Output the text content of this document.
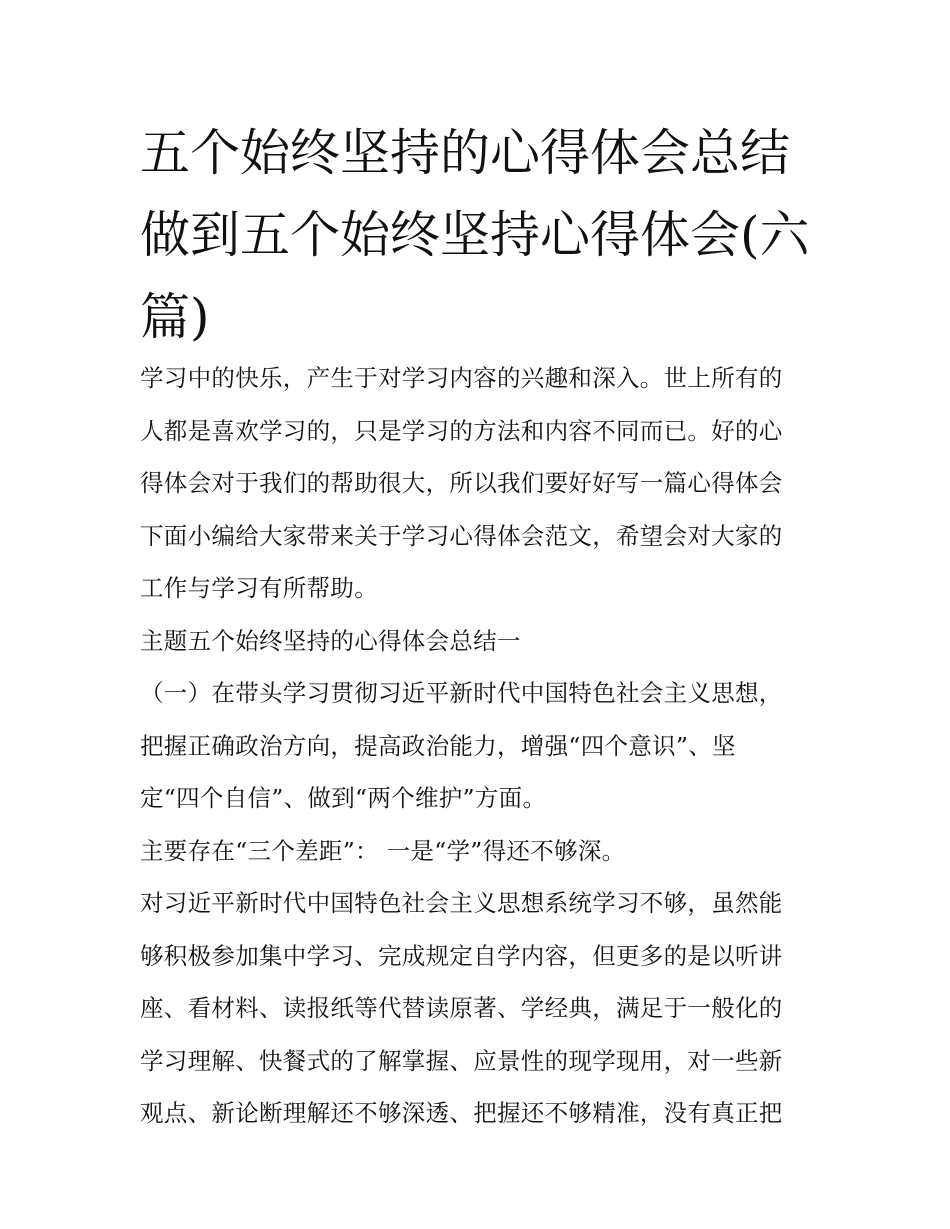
五个始终坚持的心得体会总结
做到五个始终坚持心得体会(六
篇)
学习中的快乐，产生于对学习内容的兴趣和深入。世上所有的
人都是喜欢学习的，只是学习的方法和内容不同而已。好的心
得体会对于我们的帮助很大，所以我们要好好写一篇心得体会
下面小编给大家带来关于学习心得体会范文，希望会对大家的
工作与学习有所帮助。
主题五个始终坚持的心得体会总结一
（一）在带头学习贯彻习近平新时代中国特色社会主义思想，
把握正确政治方向，提高政治能力，增强“四个意识”、坚
定“四个自信”、做到“两个维护”方面。
主要存在“三个差距”： 一是“学”得还不够深。
对习近平新时代中国特色社会主义思想系统学习不够，虽然能
够积极参加集中学习、完成规定自学内容，但更多的是以听讲
座、看材料、读报纸等代替读原著、学经典，满足于一般化的
学习理解、快餐式的了解掌握、应景性的现学现用，对一些新
观点、新论断理解还不够深透、把握还不够精准，没有真正把
